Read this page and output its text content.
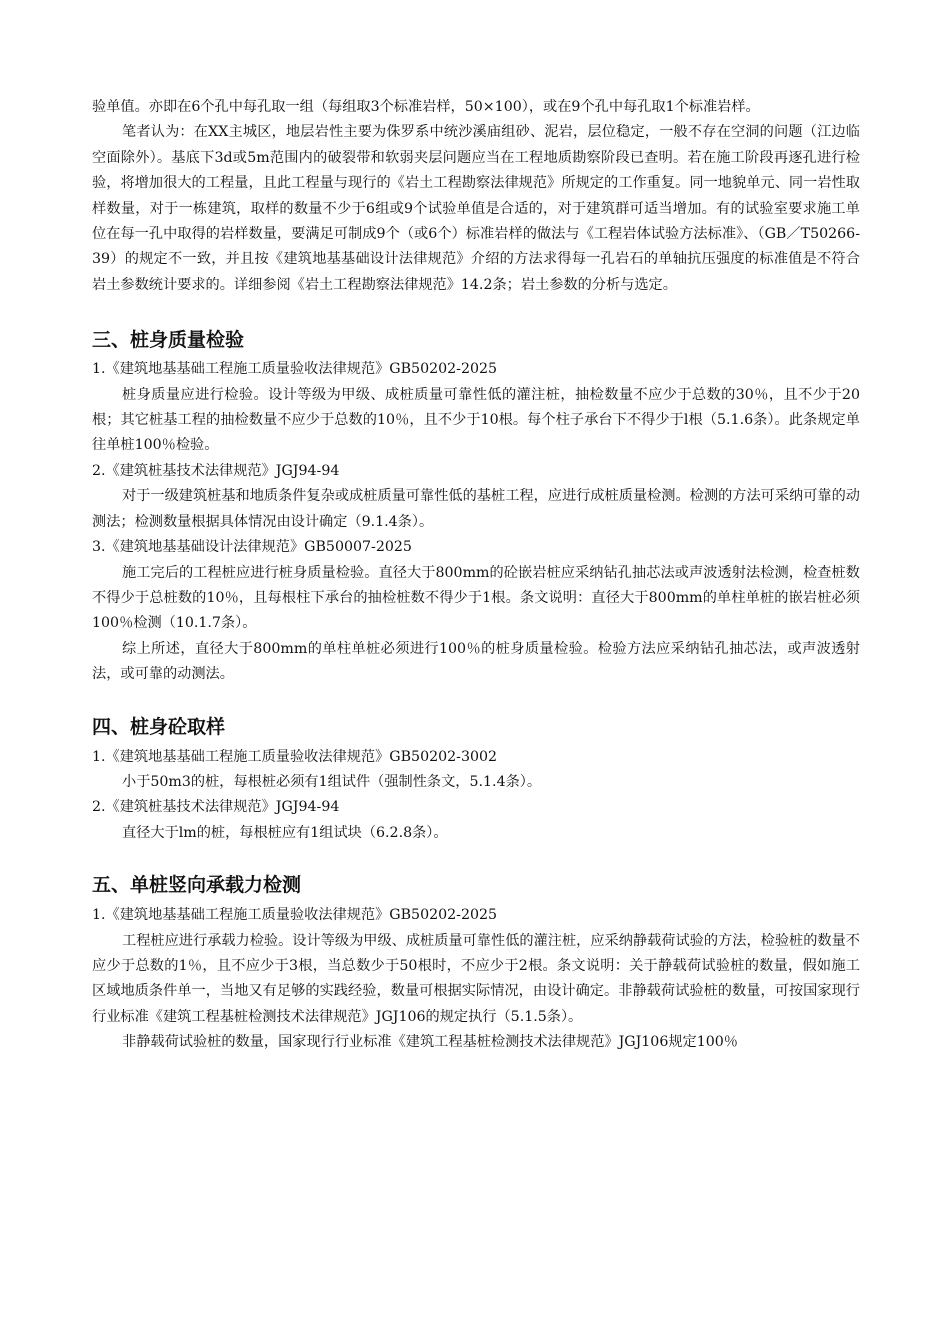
验单值。亦即在6个孔中每孔取一组（每组取3个标准岩样，50×100），或在9个孔中每孔取1个标准岩样。

笔者认为：在XX主城区，地层岩性主要为侏罗系中统沙溪庙组砂、泥岩，层位稳定，一般不存在空洞的问题（江边临空面除外）。基底下3d或5m范围内的破裂带和软弱夹层问题应当在工程地质勘察阶段已查明。若在施工阶段再逐孔进行检验，将增加很大的工程量，且此工程量与现行的《岩土工程勘察法律规范》所规定的工作重复。同一地貌单元、同一岩性取样数量，对于一栋建筑，取样的数量不少于6组或9个试验单值是合适的，对于建筑群可适当增加。有的试验室要求施工单位在每一孔中取得的岩样数量，要满足可制成9个（或6个）标准岩样的做法与《工程岩体试验方法标准》、（GB／T50266-39）的规定不一致，并且按《建筑地基基础设计法律规范》介绍的方法求得每一孔岩石的单轴抗压强度的标准值是不符合岩土参数统计要求的。详细参阅《岩土工程勘察法律规范》14.2条；岩土参数的分析与选定。

三、桩身质量检验

1.《建筑地基基础工程施工质量验收法律规范》GB50202-2025

桩身质量应进行检验。设计等级为甲级、成桩质量可靠性低的灌注桩，抽检数量不应少于总数的30％，且不少于20根；其它桩基工程的抽检数量不应少于总数的10％，且不少于10根。每个柱子承台下不得少于l根（5.1.6条）。此条规定单往单桩100％检验。

2.《建筑桩基技术法律规范》JGJ94-94

对于一级建筑桩基和地质条件复杂或成桩质量可靠性低的基桩工程，应进行成桩质量检测。检测的方法可采纳可靠的动测法；检测数量根据具体情况由设计确定（9.1.4条）。

3.《建筑地基基础设计法律规范》GB50007-2025

施工完后的工程桩应进行桩身质量检验。直径大于800mm的砼嵌岩桩应采纳钻孔抽芯法或声波透射法检测，检查桩数不得少于总桩数的10％，且每根柱下承台的抽检桩数不得少于1根。条文说明：直径大于800mm的单柱单桩的嵌岩桩必须100％检测（10.1.7条）。

综上所述，直径大于800mm的单柱单桩必须进行100％的桩身质量检验。检验方法应采纳钻孔抽芯法，或声波透射法，或可靠的动测法。

四、桩身砼取样

1.《建筑地基基础工程施工质量验收法律规范》GB50202-3002

小于50m3的桩，每根桩必须有1组试件（强制性条文，5.1.4条）。

2.《建筑桩基技术法律规范》JGJ94-94

直径大于lm的桩，每根桩应有1组试块（6.2.8条）。

五、单桩竖向承载力检测

1.《建筑地基基础工程施工质量验收法律规范》GB50202-2025

工程桩应进行承载力检验。设计等级为甲级、成桩质量可靠性低的灌注桩，应采纳静载荷试验的方法，检验桩的数量不应少于总数的1％，且不应少于3根，当总数少于50根时，不应少于2根。条文说明：关于静载荷试验桩的数量，假如施工区域地质条件单一，当地又有足够的实践经验，数量可根据实际情况，由设计确定。非静载荷试验桩的数量，可按国家现行行业标准《建筑工程基桩检测技术法律规范》JGJ106的规定执行（5.1.5条）。

非静载荷试验桩的数量，国家现行行业标准《建筑工程基桩检测技术法律规范》JGJ106规定100％
